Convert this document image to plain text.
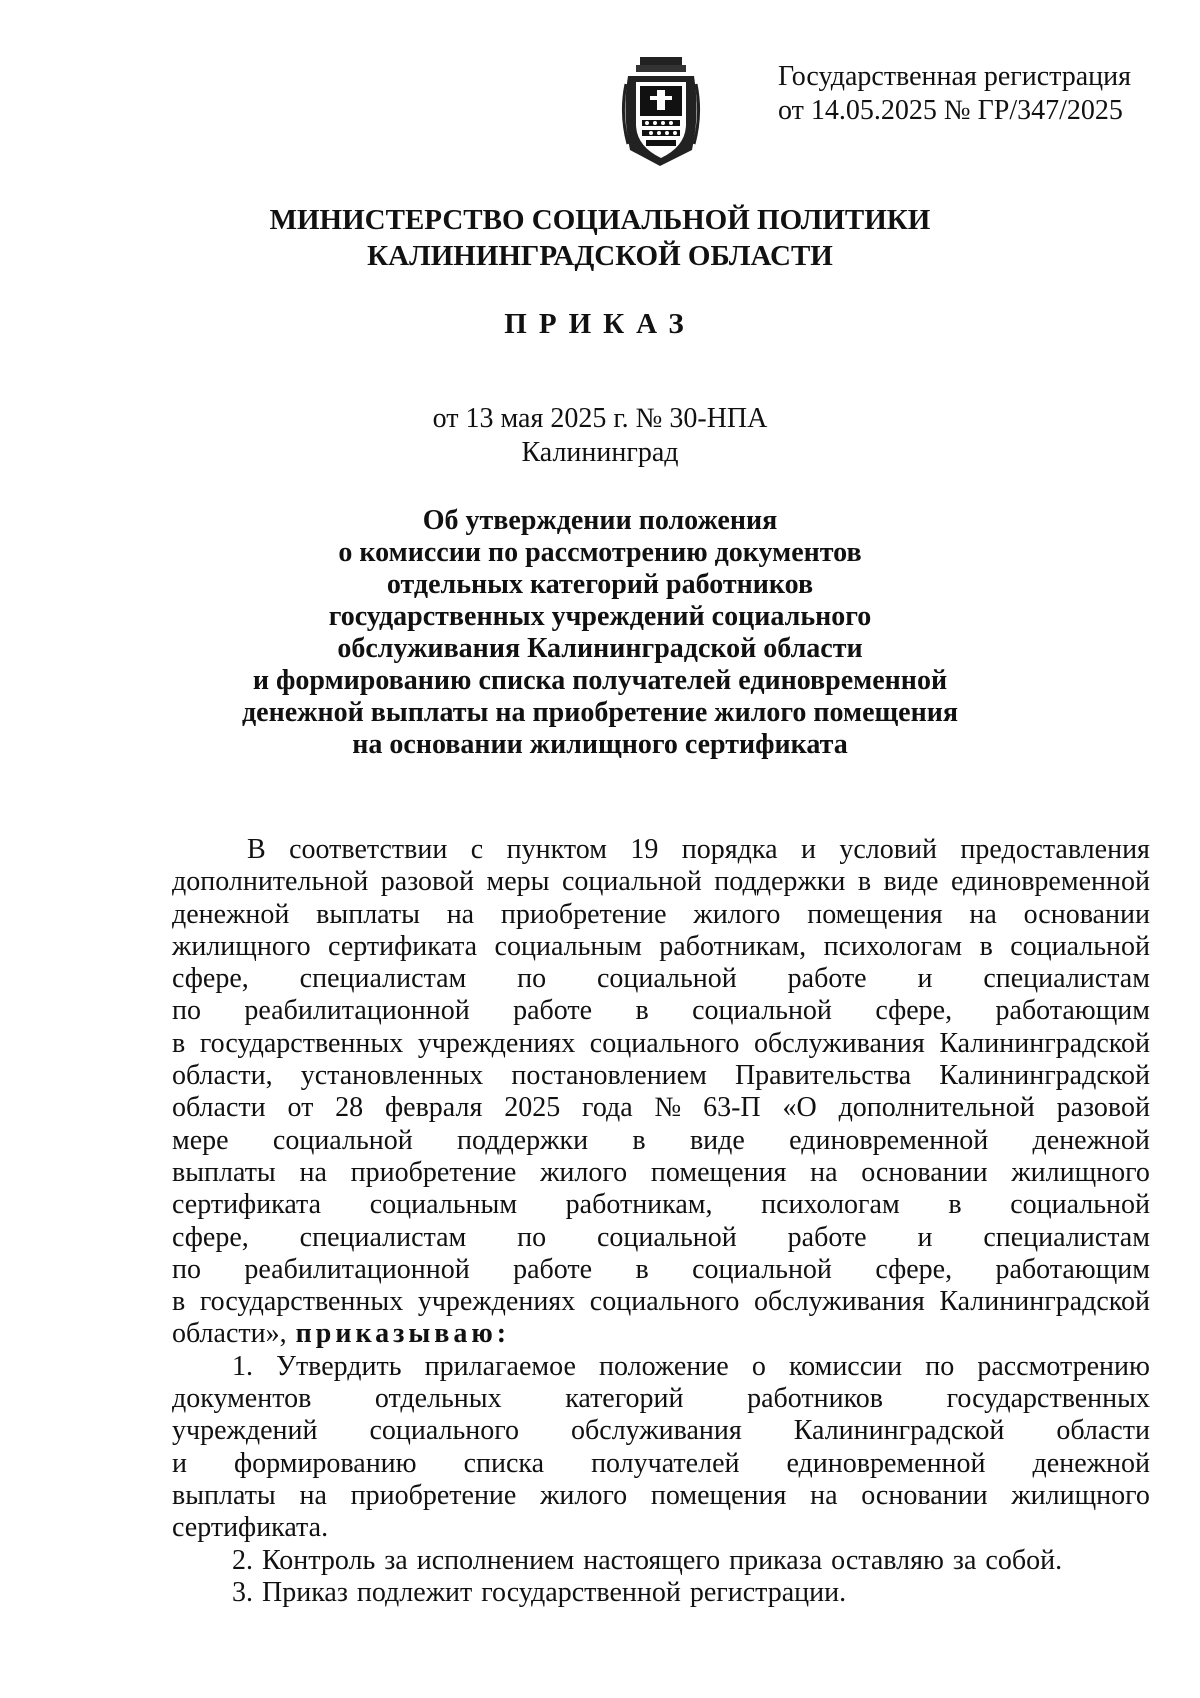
Государственная регистрация
от 14.05.2025 № ГР/347/2025
МИНИСТЕРСТВО СОЦИАЛЬНОЙ ПОЛИТИКИ
КАЛИНИНГРАДСКОЙ ОБЛАСТИ
ПРИКАЗ
от 13 мая 2025 г. № 30-НПА
Калининград
Об утверждении положения
о комиссии по рассмотрению документов
отдельных категорий работников
государственных учреждений социального
обслуживания Калининградской области
и формированию списка получателей единовременной
денежной выплаты на приобретение жилого помещения
на основании жилищного сертификата
В соответствии с пунктом 19 порядка и условий предоставления
дополнительной разовой меры социальной поддержки в виде единовременной
денежной выплаты на приобретение жилого помещения на основании
жилищного сертификата социальным работникам, психологам в социальной
сфере, специалистам по социальной работе и специалистам
по реабилитационной работе в социальной сфере, работающим
в государственных учреждениях социального обслуживания Калининградской
области, установленных постановлением Правительства Калининградской
области от 28 февраля 2025 года № 63-П «О дополнительной разовой
мере социальной поддержки в виде единовременной денежной
выплаты на приобретение жилого помещения на основании жилищного
сертификата социальным работникам, психологам в социальной
сфере, специалистам по социальной работе и специалистам
по реабилитационной работе в социальной сфере, работающим
в государственных учреждениях социального обслуживания Калининградской
области», приказываю:
1. Утвердить прилагаемое положение о комиссии по рассмотрению
документов отдельных категорий работников государственных
учреждений социального обслуживания Калининградской области
и формированию списка получателей единовременной денежной
выплаты на приобретение жилого помещения на основании жилищного
сертификата.
2. Контроль за исполнением настоящего приказа оставляю за собой.
3. Приказ подлежит государственной регистрации.
